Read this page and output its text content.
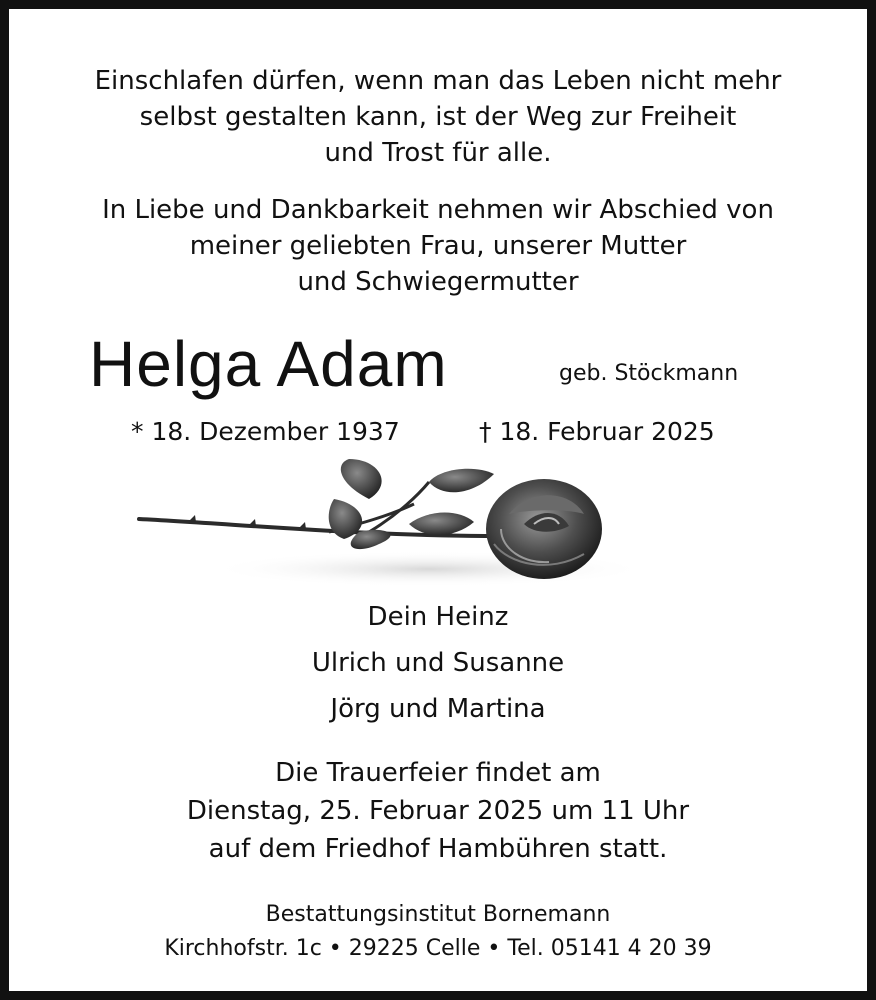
Einschlafen dürfen, wenn man das Leben nicht mehr
selbst gestalten kann, ist der Weg zur Freiheit
und Trost für alle.
In Liebe und Dankbarkeit nehmen wir Abschied von
meiner geliebten Frau, unserer Mutter
und Schwiegermutter
Helga Adam	geb. Stöckmann
* 18. Dezember 1937	† 18. Februar 2025
Dein Heinz
Ulrich und Susanne
Jörg und Martina
Die Trauerfeier findet am
Dienstag, 25. Februar 2025 um 11 Uhr
auf dem Friedhof Hambühren statt.
Bestattungsinstitut Bornemann
Kirchhofstr. 1c • 29225 Celle • Tel. 05141 4 20 39
